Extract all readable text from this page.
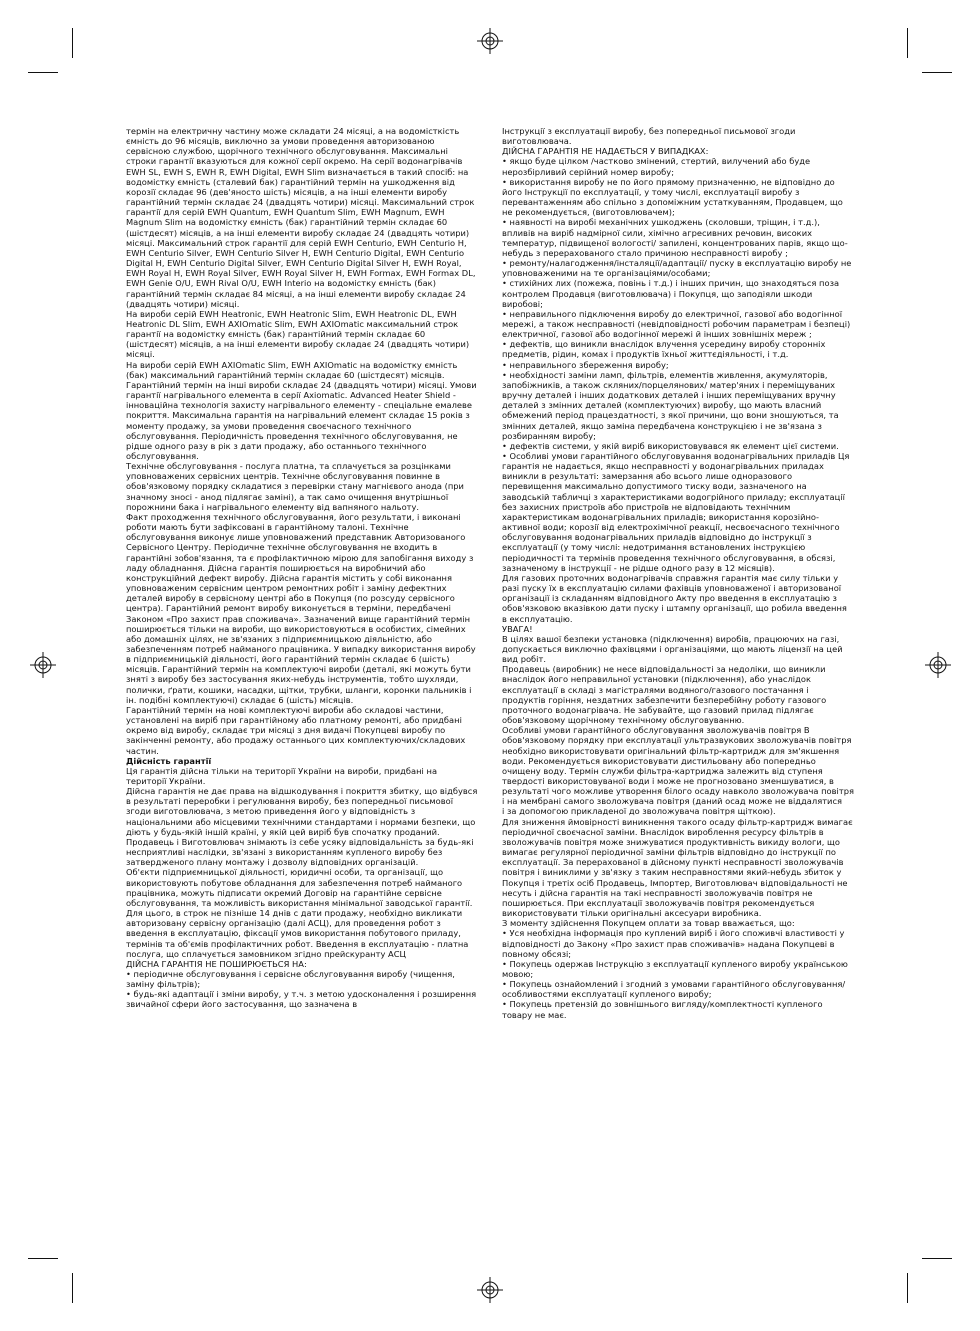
термін на електричну частину може складати 24 місяці, а на водомісткість ємність до 96 місяців, виключно за умови проведення авторизованою сервісною службою, щорічного технічного обслуговування. Максимальні строки гарантії вказуються для кожної серії окремо. На серії водонагрівачів EWH SL, EWH S, EWH R, EWH Digital, EWH Slim визначається в такий спосіб: на водомістку ємність (сталевий бак) гарантійний термін на ушкодження від корозії складає 96 (дев'яносто шість) місяців, а на інші елементи виробу гарантійний термін складає 24 (двадцять чотири) місяці. Максимальний строк гарантії для серій EWH Quantum, EWH Quantum Slim, EWH Magnum, EWH Magnum Slim на водомістку ємність (бак) гарантійний термін складає 60 (шістдесят) місяців, а на інші елементи виробу складає 24 (двадцять чотири) місяці. Максимальний строк гарантії для серій EWH Centurio, EWH Centurio H, EWH Centurio Silver, EWH Centurio Silver H, EWH Centurio Digital, EWH Centurio Digital H, EWH Centurio Digital Silver, EWH Centurio Digital Silver H, EWH Royal, EWH Royal H, EWH Royal Silver, EWH Royal Silver H, EWH Formax, EWH Formax DL, EWH Genie O/U, EWH Rival O/U, EWH Interio на водомістку ємність (бак) гарантійний термін складає 84 місяці, а на інші елементи виробу складає 24 (двадцять чотири) місяці.

На вироби серій EWH Heatronic, EWH Heatronic Slim, EWH Heatronic DL, EWH Heatronic DL Slim, EWH AXIOmatic Slim, EWH AXIOmatic максимальний строк гарантії на водомістку ємність (бак) гарантійний термін складає 60 (шістдесят) місяців, а на інші елементи виробу складає 24 (двадцять чотири) місяці.

На вироби серій EWH AXIOmatic Slim, EWH AXIOmatic на водомістку ємність (бак) максимальний гарантійний термін складає 60 (шістдесят) місяців.

Гарантійний термін на інші вироби складає 24 (двадцять чотири) місяці. Умови гарантії нагрівального елемента в серії Axiomatic. Advanced Heater Shield - інноваційна технологія захисту нагрівального елементу - спеціальне емалеве покриття. Максимальна гарантія на нагрівальний елемент складає 15 років з моменту продажу, за умови проведення своєчасного технічного обслуговування. Періодичність проведення технічного обслуговування, не рідше одного разу в рік з дати продажу, або останнього технічного обслуговування.

Технічне обслуговування - послуга платна, та сплачується за розцінками уповноважених сервісних центрів. Технічне обслуговування повинне в обов'язковому порядку складатися з перевірки стану магнієвого анода (при значному зносі - анод підлягає заміні), а так само очищення внутрішньої порожнини бака і нагрівального елементу від вапняного нальоту.

Факт проходження технічного обслуговування, його результати, і виконані роботи мають бути зафіксовані в гарантійному талоні. Технічне обслуговування виконує лише уповноважений представник Авторизованого Сервісного Центру. Періодичне технічне обслуговування не входить в гарантійні зобов'язання, та є профілактичною мірою для запобігання виходу з ладу обладнання. Дійсна гарантія поширюється на виробничий або конструкційний дефект виробу. Дійсна гарантія містить у собі виконання уповноваженим сервісним центром ремонтних робіт і заміну дефектних деталей виробу в сервісному центрі або в Покупця (по розсуду сервісного центра). Гарантійний ремонт виробу виконується в терміни, передбачені Законом «Про захист прав споживача». Зазначений вище гарантійний термін поширюється тільки на вироби, що використовуються в особистих, сімейних або домашніх цілях, не зв'язаних з підприємницькою діяльністю, або забезпеченням потреб найманого працівника. У випадку використання виробу в підприємницькій діяльності, його гарантійний термін складає 6 (шість) місяців. Гарантійний термін на комплектуючі вироби (деталі, які можуть бути зняті з виробу без застосування яких-небудь інструментів, тобто шухляди, полички, ґрати, кошики, насадки, щітки, трубки, шланги, коронки пальників і ін. подібні комплектуючі) складає 6 (шість) місяців.

Гарантійний термін на нові комплектуючі вироби або складові частини, установлені на виріб при гарантійному або платному ремонті, або придбані окремо від виробу, складає три місяці з дня видачі Покупцеві виробу по закінченні ремонту, або продажу останнього цих комплектуючих/складових частин.

Дійсність гарантії

Ця гарантія дійсна тільки на території України на вироби, придбані на території України.

Дійсна гарантія не дає права на відшкодування і покриття збитку, що відбувся в результаті переробки і регулювання виробу, без попередньої письмової згоди виготовлювача, з метою приведення його у відповідність з національними або місцевими технічними стандартами і нормами безпеки, що діють у будь-якій іншій країні, у якій цей виріб був спочатку проданий.

Продавець і Виготовлювач знімають із себе усяку відповідальність за будь-які несприятливі наслідки, зв'язані з використанням купленого виробу без затвердженого плану монтажу і дозволу відповідних організацій.

Об'єкти підприємницької діяльності, юридичні особи, та організації, що використовують побутове обладнання для забезпечення потреб найманого працівника, можуть підписати окремий Договір на гарантійне сервісне обслуговування, та можливість використання мінімальної заводської гарантії. Для цього, в строк не пізніше 14 днів с дати продажу, необхідно викликати авторизовану сервісну організацію (далі АСЦ), для проведення робот з введення в експлуатацію, фіксації умов використання побутового приладу, термінів та об'ємів профілактичних робот. Введення в експлуатацію - платна послуга, що сплачується замовником згідно прейскуранту АСЦ

ДІЙСНА ГАРАНТІЯ НЕ ПОШИРЮЄТЬСЯ НА:

• періодичне обслуговування і сервісне обслуговування виробу (чищення, заміну фільтрів);

• будь-які адаптації і зміни виробу, у т.ч. з метою удосконалення і розширення звичайної сфери його застосування, що зазначена в

Інструкції з експлуатації виробу, без попередньої письмової згоди виготовлювача.

ДІЙСНА ГАРАНТІЯ НЕ НАДАЄТЬСЯ У ВИПАДКАХ:

• якщо буде цілком /частково змінений, стертий, вилучений або буде нерозбірливий серійний номер виробу;

• використання виробу не по його прямому призначенню, не відповідно до його Інструкції по експлуатації, у тому числі, експлуатації виробу з перевантаженням або спільно з допоміжним устаткуванням, Продавцем, що не рекомендується, (виготовлювачем);

• наявності на виробі механічних ушкоджень (сколовши, тріщин, і т.д.), впливів на виріб надмірної сили, хімічно агресивних речовин, високих температур, підвищеної вологості/ запилені, концентрованих парів, якщо що-небудь з перерахованого стало причиною несправності виробу ;

• ремонту/налагодження/інсталяції/адаптації/ пуску в експлуатацію виробу не уповноваженими на те організаціями/особами;

• стихійних лих (пожежа, повінь і т.д.) і інших причин, що знаходяться поза контролем Продавця (виготовлювача) і Покупця, що заподіяли шкоди виробові;

• неправильного підключення виробу до електричної, газової або водогінної мережі, а також несправності (невідповідності робочим параметрам і безпеці) електричної, газової або водогінної мережі й інших зовнішніх мереж ;

• дефектів, що виникли внаслідок влучення усередину виробу сторонніх предметів, рідин, комах і продуктів їхньої життєдіяльності, і т.д.

• неправильного збереження виробу;

• необхідності заміни ламп, фільтрів, елементів живлення, акумуляторів, запобіжників, а також скляних/порцелянових/ матер'яних і переміщуваних вручну деталей і інших додаткових деталей і інших переміщуваних вручну деталей з змінних деталей (комплектуючих) виробу, що мають власний обмежений період працездатності, з якої причини, що вони зношуються, та змінних деталей, якщо заміна передбачена конструкцією і не зв'язана з розбиранням виробу;

• дефектів системи, у якій виріб використовувався як елемент цієї системи.

• Особливі умови гарантійного обслуговування водонагрівальних приладів Ця гарантія не надається, якщо несправності у водонагрівальних приладах виникли в результаті: замерзання або всього лише одноразового перевищення максимально допустимого тиску води, зазначеного на заводській табличці з характеристиками водогрійного приладу; експлуатації без захисних пристроїв або пристроїв не відповідають технічним характеристикам водонагрівальних приладів; використання корозійно-активної води; корозії від електрохімічної реакції, несвоєчасного технічного обслуговування водонагрівальних приладів відповідно до інструкції з експлуатації (у тому числі: недотримання встановлених інструкцією періодичності та термінів проведення технічного обслуговування, в обсязі, зазначеному в інструкції - не рідше одного разу в 12 місяців).

Для газових проточних водонагрівачів справжня гарантія має силу тільки у разі пуску їх в експлуатацію силами фахівців уповноваженої і авторизованої організації із складанням відповідного Акту про введення в експлуатацію з обов'язковою вказівкою дати пуску і штампу організації, що робила введення в експлуатацію.

УВАГА!

В цілях вашої безпеки установка (підключення) виробів, працюючих на газі, допускається виключно фахівцями і організаціями, що мають ліцензії на цей вид робіт.

Продавець (виробник) не несе відповідальності за недоліки, що виникли внаслідок його неправильної установки (підключення), або унаслідок експлуатації в складі з магістралями водяного/газового постачання і продуктів горіння, нездатних забезпечити безперебійну роботу газового проточного водонагрівача. Не забувайте, що газовий прилад підлягає обов'язковому щорічному технічному обслуговуванню.

Особливі умови гарантійного обслуговування зволожувачів повітря В обов'язковому порядку при експлуатації ультразвукових зволожувачів повітря необхідно використовувати оригінальний фільтр-картридж для зм'якшення води. Рекомендується використовувати дистильовану або попередньо очищену воду. Термін служби фільтра-картриджа залежить від ступеня твердості використовуваної води і може не прогнозовано зменшуватися, в результаті чого можливе утворення білого осаду навколо зволожувача повітря і на мембрані самого зволожувача повітря (даний осад може не віддалятися

і за допомогою прикладеної до зволожувача повітря щіткою).

Для зниження ймовірності виникнення такого осаду фільтр-картридж вимагає періодичної своєчасної заміни. Внаслідок вироблення ресурсу фільтрів в зволожувачів повітря може знижуватися продуктивність викиду вологи, що вимагає регулярної періодичної заміни фільтрів відповідно до інструкції по експлуатації. За перерахованої в дійсному пункті несправності зволожувачів повітря і виниклими у зв'язку з таким несправностями який-небудь збиток у Покупця і третіх осіб Продавець, Імпортер, Виготовлювач відповідальності не несуть і дійсна гарантія на такі несправності зволожувачів повітря не поширюється. При експлуатації зволожувачів повітря рекомендується використовувати тільки оригінальні аксесуари виробника.

З моменту здійснення Покупцем оплати за товар вважається, що:

• Уся необхідна інформація про куплений виріб і його споживчі властивості у відповідності до Закону «Про захист прав споживачів» надана Покупцеві в повному обсязі;

• Покупець одержав Інструкцію з експлуатації купленого виробу українською мовою;

• Покупець ознайомлений і згодний з умовами гарантійного обслуговування/ особливостями експлуатації купленого виробу;

• Покупець претензій до зовнішнього вигляду/комплектності купленого товару не має.
